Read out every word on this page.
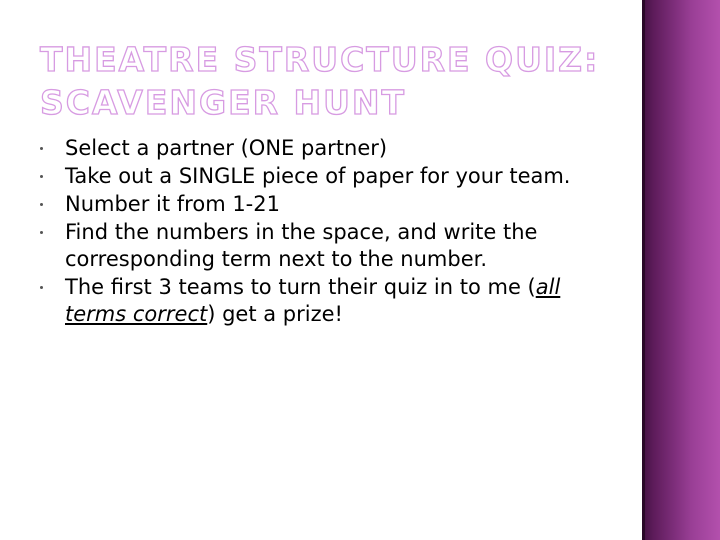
THEATRE STRUCTURE QUIZ:
SCAVENGER HUNT
Select a partner (ONE partner)
Take out a SINGLE piece of paper for your team.
Number it from 1-21
Find the numbers in the space, and write the corresponding term next to the number.
The first 3 teams to turn their quiz in to me (all terms correct) get a prize!
